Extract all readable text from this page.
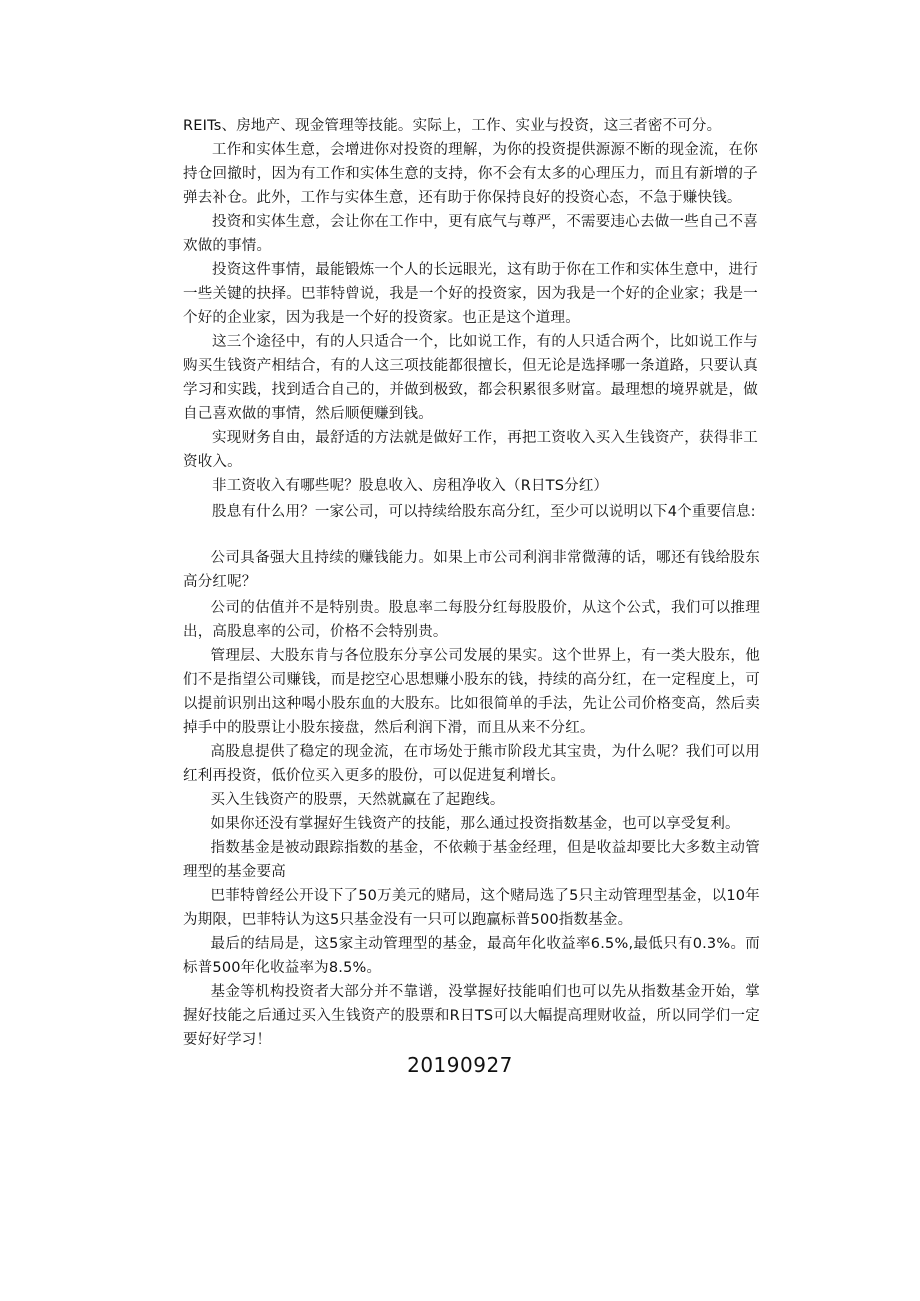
REITs、房地产、现金管理等技能。实际上，工作、实业与投资，这三者密不可分。

工作和实体生意，会增进你对投资的理解，为你的投资提供源源不断的现金流，在你持仓回撤时，因为有工作和实体生意的支持，你不会有太多的心理压力，而且有新增的子弹去补仓。此外，工作与实体生意，还有助于你保持良好的投资心态，不急于赚快钱。

投资和实体生意，会让你在工作中，更有底气与尊严，不需要违心去做一些自己不喜欢做的事情。

投资这件事情，最能锻炼一个人的长远眼光，这有助于你在工作和实体生意中，进行一些关键的抉择。巴菲特曾说，我是一个好的投资家，因为我是一个好的企业家；我是一个好的企业家，因为我是一个好的投资家。也正是这个道理。

这三个途径中，有的人只适合一个，比如说工作，有的人只适合两个，比如说工作与购买生钱资产相结合，有的人这三项技能都很擅长，但无论是选择哪一条道路，只要认真学习和实践，找到适合自己的，并做到极致，都会积累很多财富。最理想的境界就是，做自己喜欢做的事情，然后顺便赚到钱。

实现财务自由，最舒适的方法就是做好工作，再把工资收入买入生钱资产，获得非工资收入。

非工资收入有哪些呢？股息收入、房租净收入（R日TS分红）

股息有什么用？一家公司，可以持续给股东高分红，至少可以说明以下4个重要信息:

公司具备强大且持续的赚钱能力。如果上市公司利润非常微薄的话，哪还有钱给股东高分红呢？

公司的估值并不是特别贵。股息率二每股分红每股股价，从这个公式，我们可以推理出，高股息率的公司，价格不会特别贵。

管理层、大股东肯与各位股东分享公司发展的果实。这个世界上，有一类大股东，他们不是指望公司赚钱，而是挖空心思想赚小股东的钱，持续的高分红，在一定程度上，可以提前识别出这种喝小股东血的大股东。比如很简单的手法，先让公司价格变高，然后卖掉手中的股票让小股东接盘，然后利润下滑，而且从来不分红。

高股息提供了稳定的现金流，在市场处于熊市阶段尤其宝贵，为什么呢？我们可以用红利再投资，低价位买入更多的股份，可以促进复利增长。

买入生钱资产的股票，天然就赢在了起跑线。

如果你还没有掌握好生钱资产的技能，那么通过投资指数基金，也可以享受复利。

指数基金是被动跟踪指数的基金，不依赖于基金经理，但是收益却要比大多数主动管理型的基金要高

巴菲特曾经公开设下了50万美元的赌局，这个赌局选了5只主动管理型基金，以10年为期限，巴菲特认为这5只基金没有一只可以跑赢标普500指数基金。

最后的结局是，这5家主动管理型的基金，最高年化收益率6.5%,最低只有0.3%。而标普500年化收益率为8.5%。

基金等机构投资者大部分并不靠谱，没掌握好技能咱们也可以先从指数基金开始，掌握好技能之后通过买入生钱资产的股票和R日TS可以大幅提高理财收益，所以同学们一定要好好学习！

20190927
